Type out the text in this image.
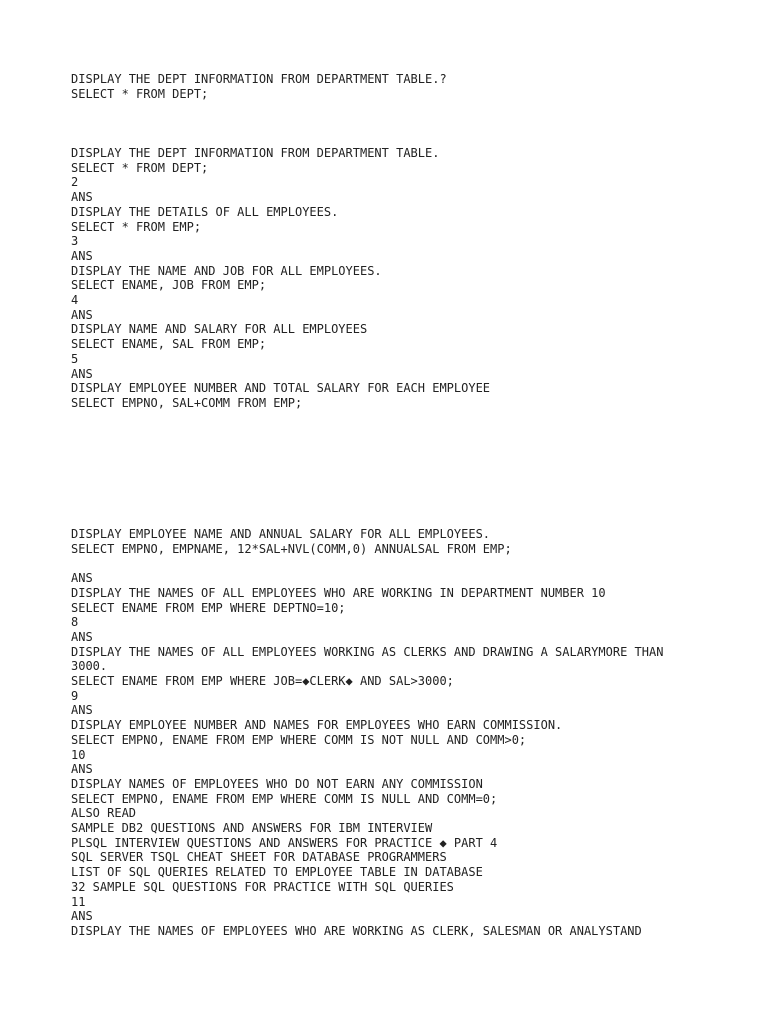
DISPLAY THE DEPT INFORMATION FROM DEPARTMENT TABLE.?
SELECT * FROM DEPT;
DISPLAY THE DEPT INFORMATION FROM DEPARTMENT TABLE.
SELECT * FROM DEPT;
2
ANS
DISPLAY THE DETAILS OF ALL EMPLOYEES.
SELECT * FROM EMP;
3
ANS
DISPLAY THE NAME AND JOB FOR ALL EMPLOYEES.
SELECT ENAME, JOB FROM EMP;
4
ANS
DISPLAY NAME AND SALARY FOR ALL EMPLOYEES
SELECT ENAME, SAL FROM EMP;
5
ANS
DISPLAY EMPLOYEE NUMBER AND TOTAL SALARY FOR EACH EMPLOYEE
SELECT EMPNO, SAL+COMM FROM EMP;
DISPLAY EMPLOYEE NAME AND ANNUAL SALARY FOR ALL EMPLOYEES.
SELECT EMPNO, EMPNAME, 12*SAL+NVL(COMM,0) ANNUALSAL FROM EMP;
ANS
DISPLAY THE NAMES OF ALL EMPLOYEES WHO ARE WORKING IN DEPARTMENT NUMBER 10
SELECT ENAME FROM EMP WHERE DEPTNO=10;
8
ANS
DISPLAY THE NAMES OF ALL EMPLOYEES WORKING AS CLERKS AND DRAWING A SALARYMORE THAN
3000.
SELECT ENAME FROM EMP WHERE JOB=◆CLERK◆ AND SAL>3000;
9
ANS
DISPLAY EMPLOYEE NUMBER AND NAMES FOR EMPLOYEES WHO EARN COMMISSION.
SELECT EMPNO, ENAME FROM EMP WHERE COMM IS NOT NULL AND COMM>0;
10
ANS
DISPLAY NAMES OF EMPLOYEES WHO DO NOT EARN ANY COMMISSION
SELECT EMPNO, ENAME FROM EMP WHERE COMM IS NULL AND COMM=0;
ALSO READ
SAMPLE DB2 QUESTIONS AND ANSWERS FOR IBM INTERVIEW
PLSQL INTERVIEW QUESTIONS AND ANSWERS FOR PRACTICE ◆ PART 4
SQL SERVER TSQL CHEAT SHEET FOR DATABASE PROGRAMMERS
LIST OF SQL QUERIES RELATED TO EMPLOYEE TABLE IN DATABASE
32 SAMPLE SQL QUESTIONS FOR PRACTICE WITH SQL QUERIES
11
ANS
DISPLAY THE NAMES OF EMPLOYEES WHO ARE WORKING AS CLERK, SALESMAN OR ANALYSTAND
